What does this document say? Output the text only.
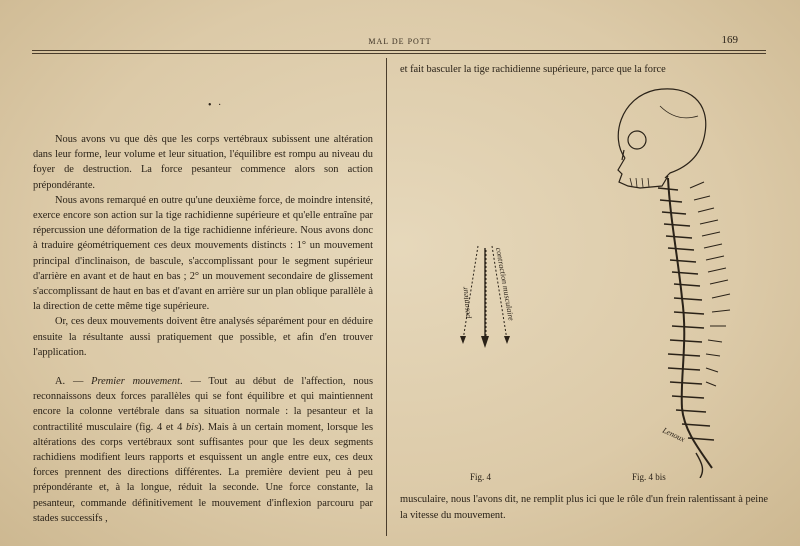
MAL DE POTT	169
• ·

Nous avons vu que dès que les corps vertébraux subissent une altération dans leur forme, leur volume et leur situation, l'équilibre est rompu au niveau du foyer de destruction. La force pesanteur commence alors son action prépondérante.

Nous avons remarqué en outre qu'une deuxième force, de moindre intensité, exerce encore son action sur la tige rachidienne supérieure et qu'elle entraîne par répercussion une déformation de la tige rachidienne inférieure. Nous avons donc à traduire géométriquement ces deux mouvements distincts : 1° un mouvement principal d'inclinaison, de bascule, s'accomplissant pour le segment supérieur d'arrière en avant et de haut en bas ; 2° un mouvement secondaire de glissement s'accomplissant de haut en bas et d'avant en arrière sur un plan oblique parallèle à la direction de cette même tige supérieure.

Or, ces deux mouvements doivent être analysés séparément pour en déduire ensuite la résultante aussi pratiquement que possible, et afin d'en trouver l'application.

A. — Premier mouvement. — Tout au début de l'affection, nous reconnaissons deux forces parallèles qui se font équilibre et qui maintiennent encore la colonne vertébrale dans sa situation normale : la pesanteur et la contractilité musculaire (fig. 4 et 4 bis). Mais à un certain moment, lorsque les altérations des corps vertébraux sont suffisantes pour que les deux segments rachidiens modifient leurs rapports et esquissent un angle entre eux, ces deux forces prennent des directions différentes. La première devient peu à peu prépondérante et, à la longue, réduit la seconde. Une force constante, la pesanteur, commande définitivement le mouvement d'inflexion parcouru par stades successifs ,

et fait basculer la tige rachidienne supérieure, parce que la force
pesanteur	contraction musculaire
Lenoux
Fig. 4	Fig. 4 bis
musculaire, nous l'avons dit, ne remplit plus ici que le rôle d'un frein ralentissant à peine la vitesse du mouvement.
